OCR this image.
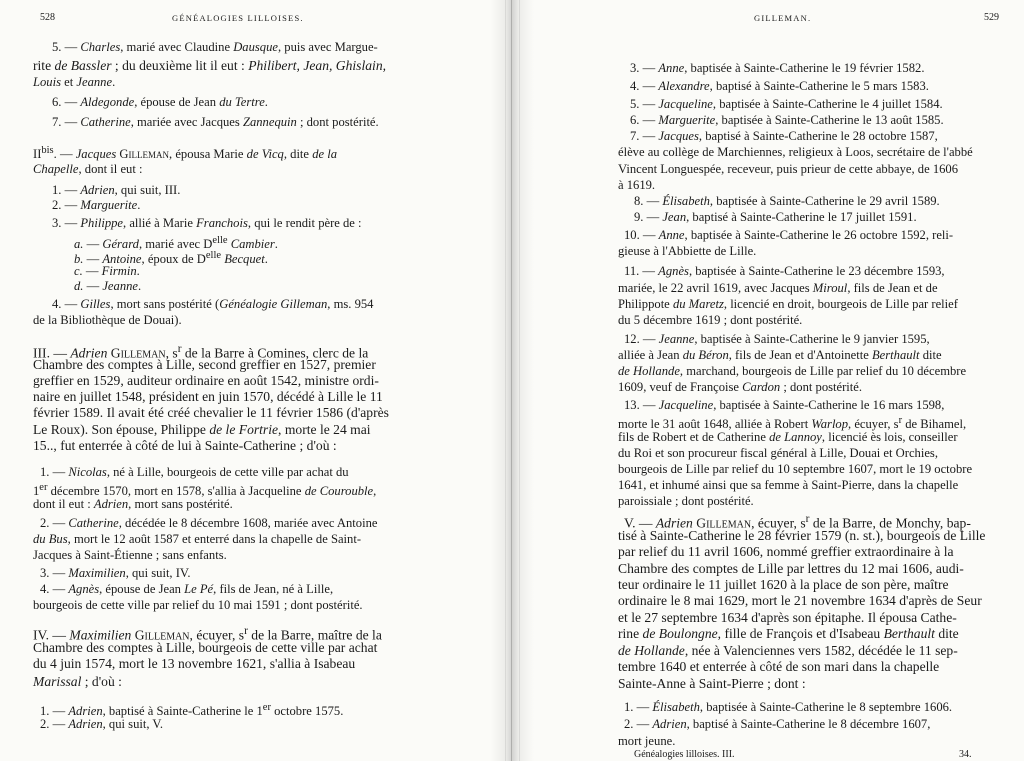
528	GÉNÉALOGIES LILLOISES.
5. — Charles, marié avec Claudine Dausque, puis avec Margue-
rite de Bassler ; du deuxième lit il eut : Philibert, Jean, Ghislain,
Louis et Jeanne.
6. — Aldegonde, épouse de Jean du Tertre.
7. — Catherine, mariée avec Jacques Zannequin ; dont postérité.
$II^{bis}$. — Jacques Gilleman, épousa Marie de Vicq, dite de la
Chapelle, dont il eut :
1. — Adrien, qui suit, III.
2. — Marguerite.
3. — Philippe, allié à Marie Franchois, qui le rendit père de :
a. — Gérard, marié avec $D^{elle}$ Cambier.
b. — Antoine, époux de $D^{elle}$ Becquet.
c. — Firmin.
d. — Jeanne.
4. — Gilles, mort sans postérité (Généalogie Gilleman, ms. 954
de la Bibliothèque de Douai).
III. — Adrien Gilleman, $s^r$ de la Barre à Comines, clerc de la
Chambre des comptes à Lille, second greffier en 1527, premier
greffier en 1529, auditeur ordinaire en août 1542, ministre ordi-
naire en juillet 1548, président en juin 1570, décédé à Lille le 11
février 1589. Il avait été créé chevalier le 11 février 1586 (d'après
Le Roux). Son épouse, Philippe de le Fortrie, morte le 24 mai
15.., fut enterrée à côté de lui à Sainte-Catherine ; d'où :
1. — Nicolas, né à Lille, bourgeois de cette ville par achat du
1er décembre 1570, mort en 1578, s'allia à Jacqueline de Courouble,
dont il eut : Adrien, mort sans postérité.
2. — Catherine, décédée le 8 décembre 1608, mariée avec Antoine
du Bus, mort le 12 août 1587 et enterré dans la chapelle de Saint-
Jacques à Saint-Étienne ; sans enfants.
3. — Maximilien, qui suit, IV.
4. — Agnès, épouse de Jean Le Pé, fils de Jean, né à Lille,
bourgeois de cette ville par relief du 10 mai 1591 ; dont postérité.
IV. — Maximilien Gilleman, écuyer, $s^r$ de la Barre, maître de la
Chambre des comptes à Lille, bourgeois de cette ville par achat
du 4 juin 1574, mort le 13 novembre 1621, s'allia à Isabeau
Marissal ; d'où :
1. — Adrien, baptisé à Sainte-Catherine le 1er octobre 1575.
2. — Adrien, qui suit, V.
GILLEMAN.	529
Généalogies lilloises. III.	34.
3. — Anne, baptisée à Sainte-Catherine le 19 février 1582.
4. — Alexandre, baptisé à Sainte-Catherine le 5 mars 1583.
5. — Jacqueline, baptisée à Sainte-Catherine le 4 juillet 1584.
6. — Marguerite, baptisée à Sainte-Catherine le 13 août 1585.
7. — Jacques, baptisé à Sainte-Catherine le 28 octobre 1587,
élève au collège de Marchiennes, religieux à Loos, secrétaire de l'abbé
Vincent Longuespée, receveur, puis prieur de cette abbaye, de 1606
à 1619.
8. — Élisabeth, baptisée à Sainte-Catherine le 29 avril 1589.
9. — Jean, baptisé à Sainte-Catherine le 17 juillet 1591.
10. — Anne, baptisée à Sainte-Catherine le 26 octobre 1592, reli-
gieuse à l'Abbiette de Lille.
11. — Agnès, baptisée à Sainte-Catherine le 23 décembre 1593,
mariée, le 22 avril 1619, avec Jacques Miroul, fils de Jean et de
Philippote du Maretz, licencié en droit, bourgeois de Lille par relief
du 5 décembre 1619 ; dont postérité.
12. — Jeanne, baptisée à Sainte-Catherine le 9 janvier 1595,
alliée à Jean du Béron, fils de Jean et d'Antoinette Berthault dite
de Hollande, marchand, bourgeois de Lille par relief du 10 décembre
1609, veuf de Françoise Cardon ; dont postérité.
13. — Jacqueline, baptisée à Sainte-Catherine le 16 mars 1598,
morte le 31 août 1648, alliée à Robert Warlop, écuyer, $s^r$ de Bihamel,
fils de Robert et de Catherine de Lannoy, licencié ès lois, conseiller
du Roi et son procureur fiscal général à Lille, Douai et Orchies,
bourgeois de Lille par relief du 10 septembre 1607, mort le 19 octobre
1641, et inhumé ainsi que sa femme à Saint-Pierre, dans la chapelle
paroissiale ; dont postérité.
V. — Adrien Gilleman, écuyer, $s^r$ de la Barre, de Monchy, bap-
tisé à Sainte-Catherine le 28 février 1579 (n. st.), bourgeois de Lille
par relief du 11 avril 1606, nommé greffier extraordinaire à la
Chambre des comptes de Lille par lettres du 12 mai 1606, audi-
teur ordinaire le 11 juillet 1620 à la place de son père, maître
ordinaire le 8 mai 1629, mort le 21 novembre 1634 d'après de Seur
et le 27 septembre 1634 d'après son épitaphe. Il épousa Cathe-
rine de Boulongne, fille de François et d'Isabeau Berthault dite
de Hollande, née à Valenciennes vers 1582, décédée le 11 sep-
tembre 1640 et enterrée à côté de son mari dans la chapelle
Sainte-Anne à Saint-Pierre ; dont :
1. — Élisabeth, baptisée à Sainte-Catherine le 8 septembre 1606.
2. — Adrien, baptisé à Sainte-Catherine le 8 décembre 1607,
mort jeune.
